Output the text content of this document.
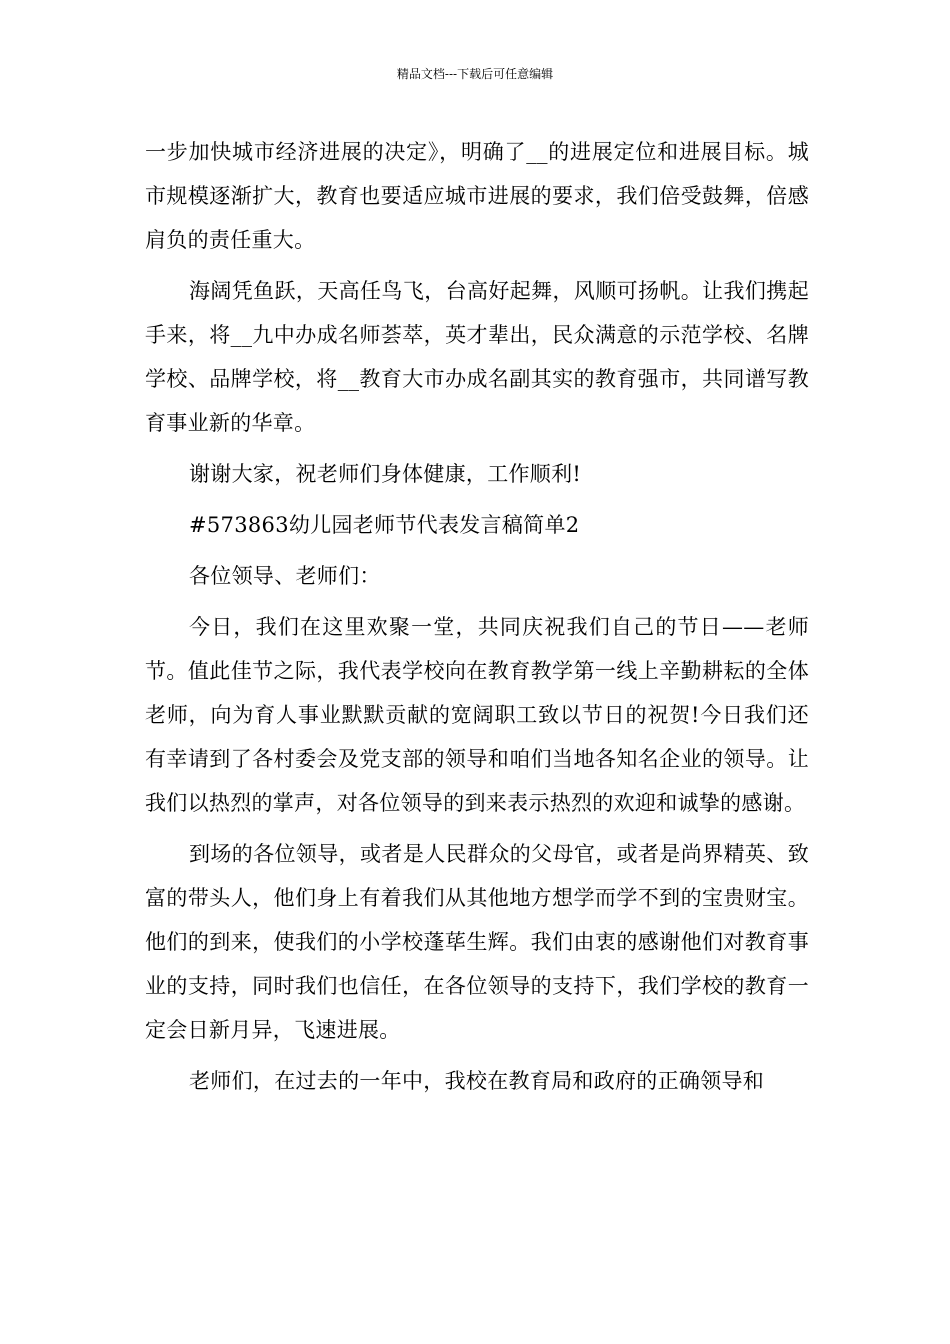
精品文档---下载后可任意编辑

一步加快城市经济进展的决定》，明确了__的进展定位和进展目标。城市规模逐渐扩大，教育也要适应城市进展的要求，我们倍受鼓舞，倍感肩负的责任重大。

海阔凭鱼跃，天高任鸟飞，台高好起舞，风顺可扬帆。让我们携起手来，将__九中办成名师荟萃，英才辈出，民众满意的示范学校、名牌学校、品牌学校，将__教育大市办成名副其实的教育强市，共同谱写教育事业新的华章。

谢谢大家，祝老师们身体健康，工作顺利!

#573863幼儿园老师节代表发言稿简单2

各位领导、老师们：

今日，我们在这里欢聚一堂，共同庆祝我们自己的节日——老师节。值此佳节之际，我代表学校向在教育教学第一线上辛勤耕耘的全体老师，向为育人事业默默贡献的宽阔职工致以节日的祝贺!今日我们还有幸请到了各村委会及党支部的领导和咱们当地各知名企业的领导。让我们以热烈的掌声，对各位领导的到来表示热烈的欢迎和诚挚的感谢。

到场的各位领导，或者是人民群众的父母官，或者是尚界精英、致富的带头人，他们身上有着我们从其他地方想学而学不到的宝贵财宝。他们的到来，使我们的小学校蓬荜生辉。我们由衷的感谢他们对教育事业的支持，同时我们也信任，在各位领导的支持下，我们学校的教育一定会日新月异，飞速进展。

老师们，在过去的一年中，我校在教育局和政府的正确领导和
